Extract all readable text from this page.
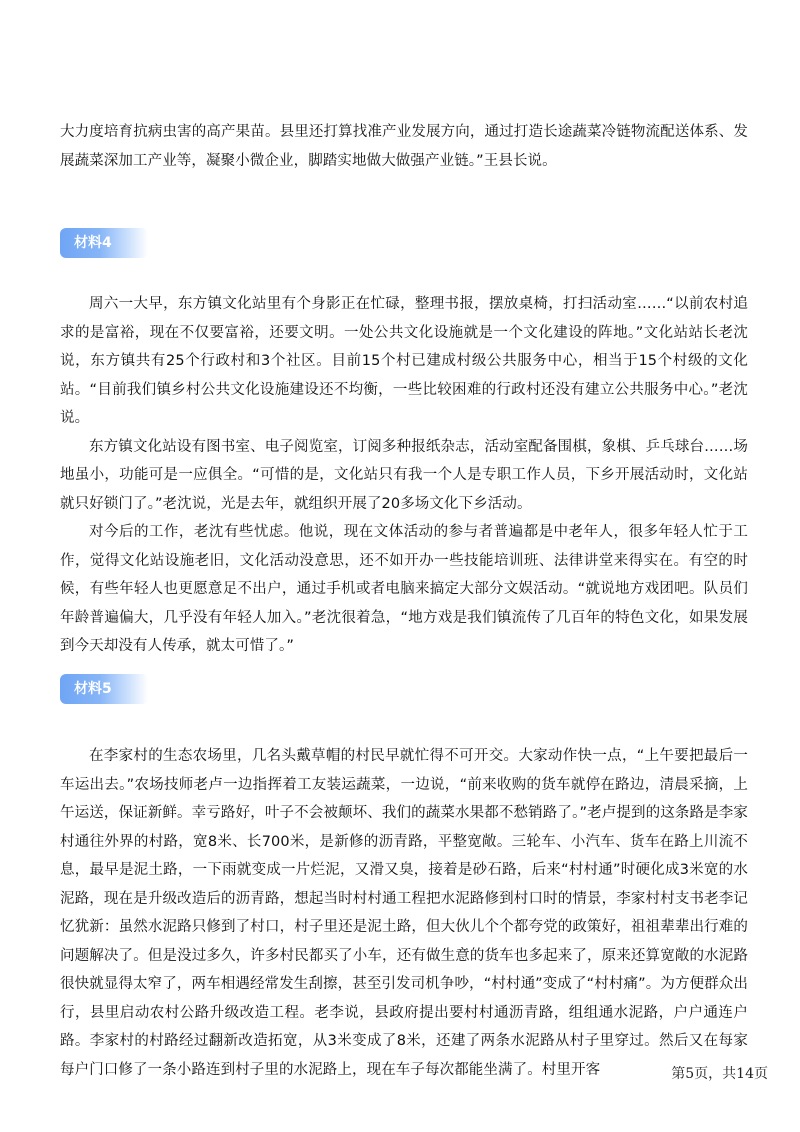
大力度培育抗病虫害的高产果苗。县里还打算找准产业发展方向，通过打造长途蔬菜冷链物流配送体系、发展蔬菜深加工产业等，凝聚小微企业，脚踏实地做大做强产业链。”王县长说。

材料4

周六一大早，东方镇文化站里有个身影正在忙碌，整理书报，摆放桌椅，打扫活动室……“以前农村追求的是富裕，现在不仅要富裕，还要文明。一处公共文化设施就是一个文化建设的阵地。”文化站站长老沈说，东方镇共有25个行政村和3个社区。目前15个村已建成村级公共服务中心，相当于15个村级的文化站。“目前我们镇乡村公共文化设施建设还不均衡，一些比较困难的行政村还没有建立公共服务中心。”老沈说。

东方镇文化站设有图书室、电子阅览室，订阅多种报纸杂志，活动室配备围棋，象棋、乒乓球台……场地虽小，功能可是一应俱全。“可惜的是，文化站只有我一个人是专职工作人员，下乡开展活动时，文化站就只好锁门了。”老沈说，光是去年，就组织开展了20多场文化下乡活动。

对今后的工作，老沈有些忧虑。他说，现在文体活动的参与者普遍都是中老年人，很多年轻人忙于工作，觉得文化站设施老旧，文化活动没意思，还不如开办一些技能培训班、法律讲堂来得实在。有空的时候，有些年轻人也更愿意足不出户，通过手机或者电脑来搞定大部分文娱活动。“就说地方戏团吧。队员们年龄普遍偏大，几乎没有年轻人加入。”老沈很着急，“地方戏是我们镇流传了几百年的特色文化，如果发展到今天却没有人传承，就太可惜了。”

材料5

在李家村的生态农场里，几名头戴草帽的村民早就忙得不可开交。大家动作快一点，“上午要把最后一车运出去。”农场技师老卢一边指挥着工友装运蔬菜，一边说，“前来收购的货车就停在路边，清晨采摘，上午运送，保证新鲜。幸亏路好，叶子不会被颠坏、我们的蔬菜水果都不愁销路了。”老卢提到的这条路是李家村通往外界的村路，宽8米、长700米，是新修的沥青路，平整宽敞。三轮车、小汽车、货车在路上川流不息，最早是泥土路，一下雨就变成一片烂泥，又滑又臭，接着是砂石路，后来“村村通”时硬化成3米宽的水泥路，现在是升级改造后的沥青路，想起当时村村通工程把水泥路修到村口时的情景，李家村村支书老李记忆犹新：虽然水泥路只修到了村口，村子里还是泥土路，但大伙儿个个都夸党的政策好，祖祖辈辈出行难的问题解决了。但是没过多久，许多村民都买了小车，还有做生意的货车也多起来了，原来还算宽敞的水泥路很快就显得太窄了，两车相遇经常发生刮擦，甚至引发司机争吵，“村村通”变成了“村村痛”。为方便群众出行，县里启动农村公路升级改造工程。老李说，县政府提出要村村通沥青路，组组通水泥路，户户通连户路。李家村的村路经过翻新改造拓宽，从3米变成了8米，还建了两条水泥路从村子里穿过。然后又在每家每户门口修了一条小路连到村子里的水泥路上，现在车子每次都能坐满了。村里开客	第5页，共14页
